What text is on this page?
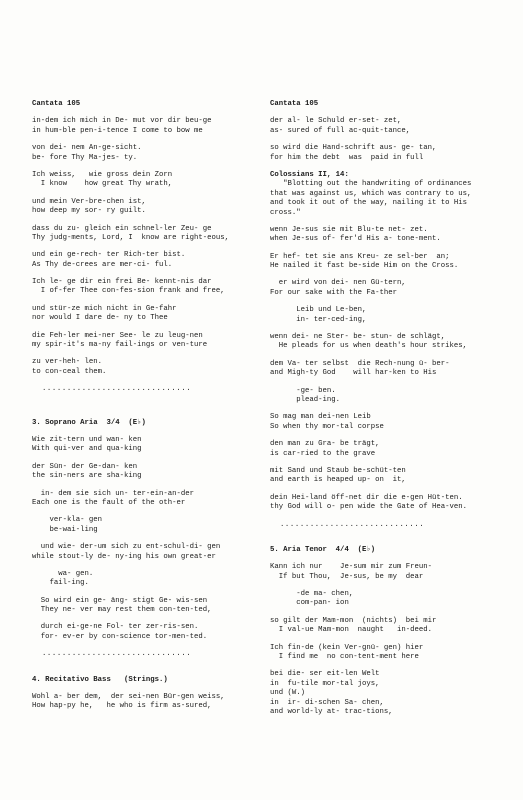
Cantata 105
in-dem ich mich in De- mut vor dir beu-ge
in hum-ble pen-i-tence I come to bow me
von dei- nem An-ge-sicht.
be- fore Thy Ma-jes- ty.
Ich weiss,   wie gross dein Zorn
I know    how great Thy wrath,
und mein Ver-bre-chen ist,
how deep my sor- ry guilt.
dass du zu- gleich ein schnel-ler Zeu- ge
Thy judg-ments, Lord, I  know are right-eous,
und ein ge-rech- ter Rich-ter bist.
As Thy de-crees are mer-ci- ful.
Ich le- ge dir ein frei Be- kennt-nis dar
I of-fer Thee con-fes-sion frank and free,
und stür-ze mich nicht in Ge-fahr
nor would I dare de- ny to Thee
die Feh-ler mei-ner See- le zu leug-nen
my spir-it's ma-ny fail-ings or ven-ture
zu ver-heh- len.
to con-ceal them.
..............................
3. Soprano Aria  3/4  (E♭)
Wie zit-tern und wan- ken
With qui-ver and qua-king
der Sün- der Ge-dan- ken
the sin-ners are sha-king
in- dem sie sich un- ter-ein-an-der
Each one is the fault of the oth-er
ver-kla- gen
be-wai-ling
und wie- der-um sich zu ent-schul-di- gen
while stout-ly de- ny-ing his own great-er
wa- gen.
fail-ing.
So wird ein ge- äng- stigt Ge- wis-sen
They ne- ver may rest them con-ten-ted,
durch ei-ge-ne Fol- ter zer-ris-sen.
for- ev-er by con-science tor-men-ted.
..............................
4. Recitativo Bass   (Strings.)
Wohl a- ber dem,  der sei-nen Bür-gen weiss,
How hap-py he,   he who is firm as-sured,
Cantata 105
der al- le Schuld er-set- zet,
as- sured of full ac-quit-tance,
so wird die Hand-schrift aus- ge- tan,
for him the debt  was  paid in full
Colossians II, 14:
"Blotting out the handwriting of ordinances
that was against us, which was contrary to us,
and took it out of the way, nailing it to His
cross."
wenn Je-sus sie mit Blu-te net- zet.
when Je-sus of- fer'd His a- tone-ment.
Er hef- tet sie ans Kreu- ze sel-ber  an;
He nailed it fast be-side Him on the Cross.
er wird von dei- nen Gü-tern,
For our sake with the Fa-ther
Leib und Le-ben,
in- ter-ced-ing,
wenn dei- ne Ster- be- stun- de schlägt,
He pleads for us when death's hour strikes,
dem Va- ter selbst  die Rech-nung ü- ber-
and Migh-ty God    will har-ken to His
-ge- ben.
plead-ing.
So mag man dei-nen Leib
So when thy mor-tal corpse
den man zu Gra- be trägt,
is car-ried to the grave
mit Sand und Staub be-schüt-ten
and earth is heaped up- on  it,
dein Hei-land öff-net dir die e-gen Hüt-ten.
thy God will o- pen wide the Gate of Hea-ven.
.............................
5. Aria Tenor  4/4  (E♭)
Kann ich nur    Je-sum mir zum Freun-
If but Thou,  Je-sus, be my  dear
-de ma- chen,
com-pan- ion
so gilt der Mam-mon  (nichts)  bei mir
I val-ue Mam-mon  naught   in-deed.
Ich fin-de (kein Ver-gnü- gen) hier
I find me  no con-tent-ment here
bei die- ser eit-len Welt
in  fu-tile mor-tal joys,
und (W.)
in  ir- di-schen Sa- chen,
and world-ly at- trac-tions,
